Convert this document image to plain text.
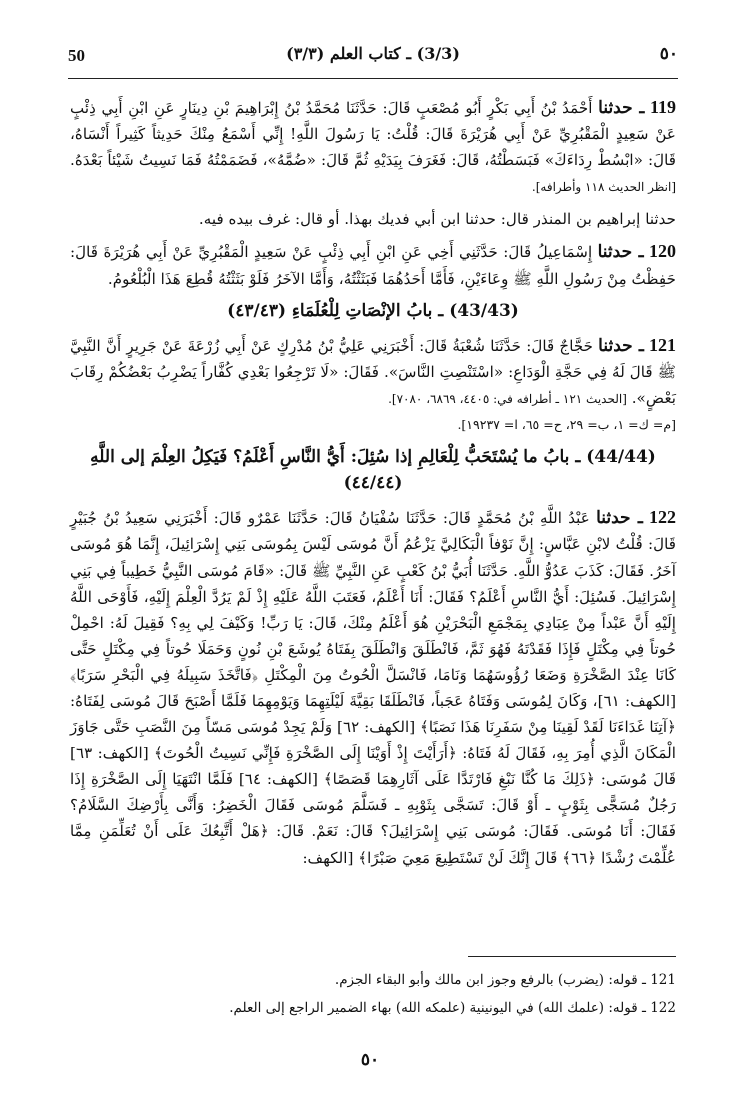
50	(3/3) ـ كتاب العلم (٣/٣)	٥٠

119 ـ حدثنا أَحْمَدُ بْنُ أَبِي بَكْرٍ أَبُو مُصْعَبٍ قَالَ: حَدَّثَنَا مُحَمَّدُ بْنُ إِبْرَاهِيمَ بْنِ دِينَارٍ عَنِ ابْنِ أَبِي ذِئْبٍ عَنْ سَعِيدٍ الْمَقْبُرِيِّ عَنْ أَبِي هُرَيْرَةَ قَالَ: قُلْتُ: يَا رَسُولَ اللَّهِ! إِنِّي أَسْمَعُ مِنْكَ حَدِيثاً كَثِيراً أَنْسَاهُ، قَالَ: «ابْسُطْ رِدَاءَكَ» فَبَسَطْتُهُ، قَالَ: فَغَرَفَ بِيَدَيْهِ ثُمَّ قَالَ: «ضُمَّهُ»، فَضَمَمْتُهُ فَمَا نَسِيتُ شَيْئاً بَعْدَهُ. [انظر الحديث ١١٨ وأطرافه].

حدثنا إبراهيم بن المنذر قال: حدثنا ابن أبي فديك بهذا. أو قال: غرف بيده فيه.

120 ـ حدثنا إِسْمَاعِيلُ قَالَ: حَدَّثَنِي أَخِي عَنِ ابْنِ أَبِي ذِئْبٍ عَنْ سَعِيدٍ الْمَقْبُرِيِّ عَنْ أَبِي هُرَيْرَةَ قَالَ: حَفِظْتُ مِنْ رَسُولِ اللَّهِ ﷺ وِعَاءَيْنِ، فَأَمَّا أَحَدُهُمَا فَبَثَثْتُهُ، وَأَمَّا الآخَرُ فَلَوْ بَثَثْتُهُ قُطِعَ هَذَا الْبُلْعُومُ.

(43/43) ـ بابُ الإنْصَاتِ لِلْعُلَمَاءِ (٤٣/٤٣)

121 ـ حدثنا حَجَّاجٌ قَالَ: حَدَّثَنَا شُعْبَةُ قَالَ: أَخْبَرَنِي عَلِيُّ بْنُ مُدْرِكٍ عَنْ أَبِي زُرْعَةَ عَنْ جَرِيرٍ أَنَّ النَّبِيَّ ﷺ قَالَ لَهُ فِي حَجَّةِ الْوَدَاعِ: «اسْتَنْصِتِ النَّاسَ». فَقَالَ: «لَا تَرْجِعُوا بَعْدِي كُفَّاراً يَضْرِبُ بَعْضُكُمْ رِقَابَ بَعْضٍ». [الحديث ١٢١ ـ أطرافه في: ٤٤٠٥، ٦٨٦٩، ٧٠٨٠].
[م= ك= ١، ب= ٢٩، ح= ٦٥، ا= ١٩٢٣٧].

(44/44) ـ بابُ ما يُسْتَحَبُّ لِلْعَالِمِ إذا سُئِلَ: أَيُّ النَّاسِ أَعْلَمُ؟ فَيَكِلُ العِلْمَ إلى اللَّهِ (٤٤/٤٤)

122 ـ حدثنا عَبْدُ اللَّهِ بْنُ مُحَمَّدٍ قَالَ: حَدَّثَنَا سُفْيَانُ قَالَ: حَدَّثَنَا عَمْرٌو قَالَ: أَخْبَرَنِي سَعِيدُ بْنُ جُبَيْرٍ قَالَ: قُلْتُ لابْنِ عَبَّاسٍ: إِنَّ نَوْفاً الْبَكَالِيَّ يَزْعُمُ أَنَّ مُوسَى لَيْسَ بِمُوسَى بَنِي إِسْرَائِيلَ، إِنَّمَا هُوَ مُوسَى آخَرُ. فَقَالَ: كَذَبَ عَدُوُّ اللَّهِ. حَدَّثَنَا أُبَيُّ بْنُ كَعْبٍ عَنِ النَّبِيِّ ﷺ قَالَ: «قَامَ مُوسَى النَّبِيُّ خَطِيباً فِي بَنِي إِسْرَائِيلَ. فَسُئِلَ: أَيُّ النَّاسِ أَعْلَمُ؟ فَقَالَ: أَنَا أَعْلَمُ، فَعَتَبَ اللَّهُ عَلَيْهِ إِذْ لَمْ يَرُدَّ الْعِلْمَ إِلَيْهِ، فَأَوْحَى اللَّهُ إِلَيْهِ أَنَّ عَبْداً مِنْ عِبَادِي بِمَجْمَعِ الْبَحْرَيْنِ هُوَ أَعْلَمُ مِنْكَ، قَالَ: يَا رَبِّ! وَكَيْفَ لِي بِهِ؟ فَقِيلَ لَهُ: احْمِلْ حُوتاً فِي مِكْتَلٍ فَإِذَا فَقَدْتَهُ فَهُوَ ثَمَّ، فَانْطَلَقَ وَانْطَلَقَ بِفَتَاهُ يُوشَعَ بْنِ نُونٍ وَحَمَلَا حُوتاً فِي مِكْتَلٍ حَتَّى كَانَا عِنْدَ الصَّخْرَةِ وَضَعَا رُؤُوسَهُمَا وَنَامَا، فَانْسَلَّ الْحُوتُ مِنَ الْمِكْتَلِ ﴿فَاتَّخَذَ سَبِيلَهُ فِي الْبَحْرِ سَرَبًا﴾ [الكهف: ٦١]، وَكَانَ لِمُوسَى وَفَتَاهُ عَجَباً، فَانْطَلَقَا بَقِيَّةَ لَيْلَتِهِمَا وَيَوْمِهِمَا فَلَمَّا أَصْبَحَ قَالَ مُوسَى لِفَتَاهُ: ﴿آتِنَا غَدَاءَنَا لَقَدْ لَقِينَا مِنْ سَفَرِنَا هَذَا نَصَبًا﴾ [الكهف: ٦٢] وَلَمْ يَجِدْ مُوسَى مَسّاً مِنَ النَّصَبِ حَتَّى جَاوَزَ الْمَكَانَ الَّذِي أُمِرَ بِهِ، فَقَالَ لَهُ فَتَاهُ: ﴿أَرَأَيْتَ إِذْ أَوَيْنَا إِلَى الصَّخْرَةِ فَإِنِّي نَسِيتُ الْحُوتَ﴾ [الكهف: ٦٣] قَالَ مُوسَى: ﴿ذَلِكَ مَا كُنَّا نَبْغِ فَارْتَدَّا عَلَى آثَارِهِمَا قَصَصًا﴾ [الكهف: ٦٤] فَلَمَّا انْتَهَيَا إِلَى الصَّخْرَةِ إِذَا رَجُلٌ مُسَجًّى بِثَوْبٍ ـ أَوْ قَالَ: تَسَجَّى بِثَوْبِهِ ـ فَسَلَّمَ مُوسَى فَقَالَ الْخَضِرُ: وَأَنَّى بِأَرْضِكَ السَّلَامُ؟ فَقَالَ: أَنَا مُوسَى. فَقَالَ: مُوسَى بَنِي إِسْرَائِيلَ؟ قَالَ: نَعَمْ. قَالَ: ﴿هَلْ أَتَّبِعُكَ عَلَى أَنْ تُعَلِّمَنِ مِمَّا عُلِّمْتَ رُشْدًا ﴿٦٦﴾ قَالَ إِنَّكَ لَنْ تَسْتَطِيعَ مَعِيَ صَبْرًا﴾ [الكهف:

121 ـ قوله: (يضرب) بالرفع وجوز ابن مالك وأبو البقاء الجزم.

122 ـ قوله: (علمك الله) في اليونينية (علمكه الله) بهاء الضمير الراجع إلى العلم.

٥٠
